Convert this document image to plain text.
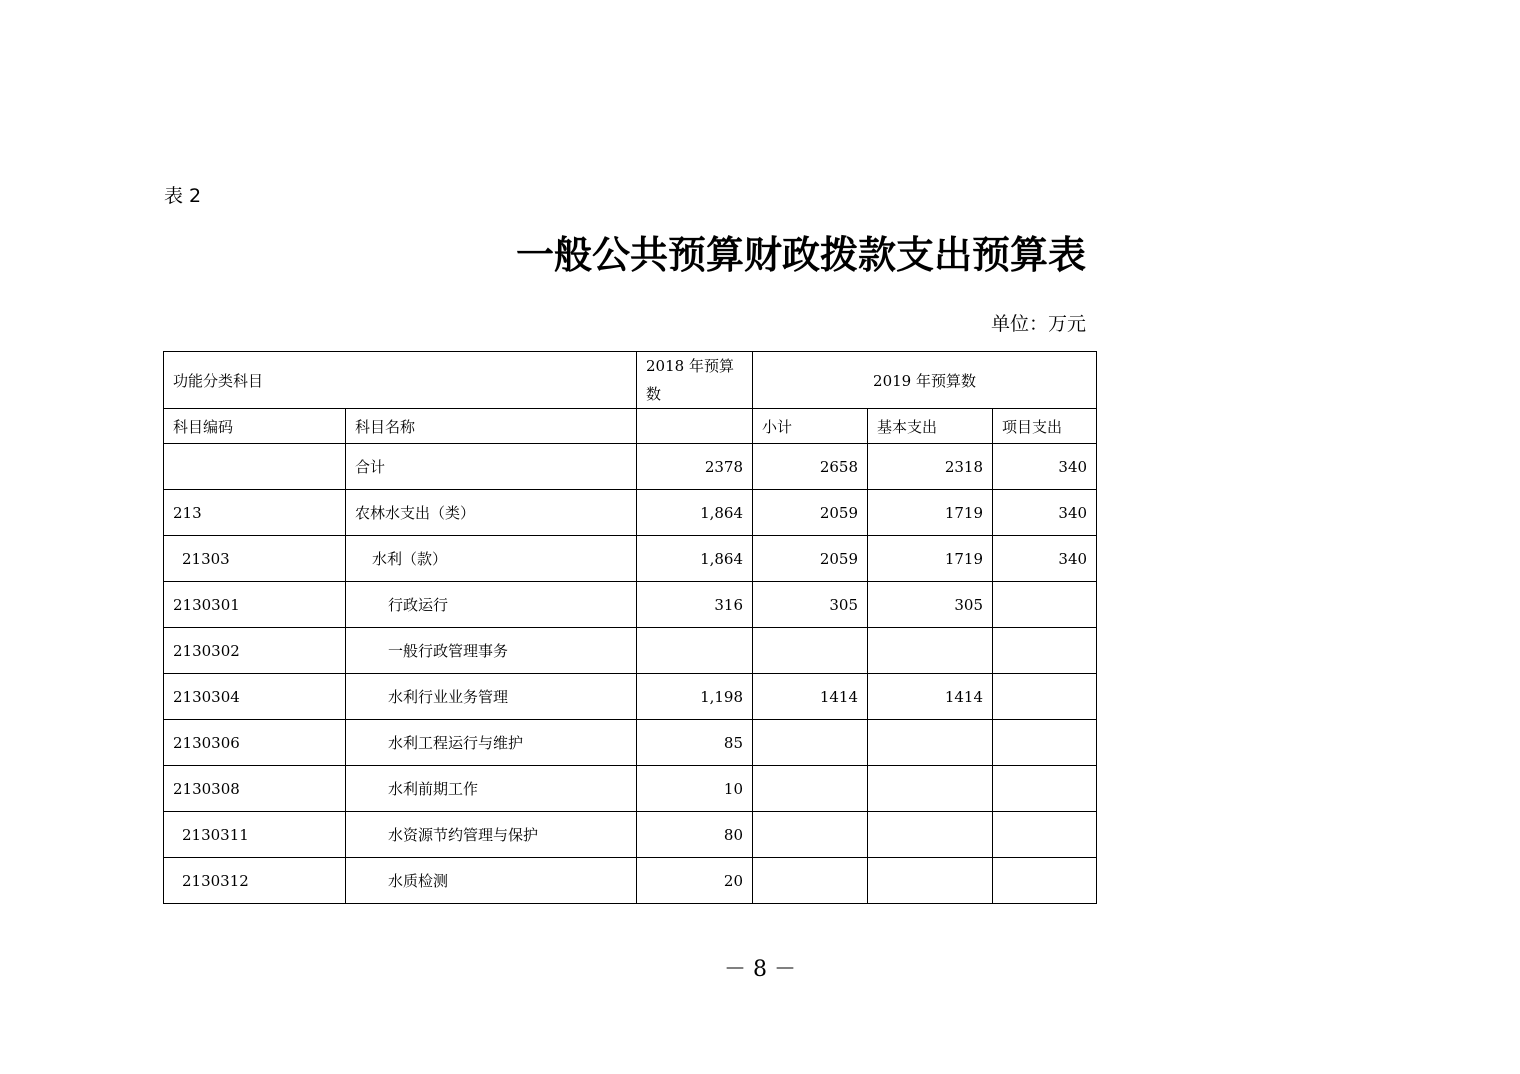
表 2
一般公共预算财政拨款支出预算表
单位：万元
功能分类科目		2018 年预算数	2019 年预算数		
科目编码	科目名称		小计	基本支出	项目支出
	合计	2378	2658	2318	340
213	农林水支出（类）	1,864	2059	1719	340
21303	水利（款）	1,864	2059	1719	340
2130301	行政运行	316	305	305	
2130302	一般行政管理事务				
2130304	水利行业业务管理	1,198	1414	1414	
2130306	水利工程运行与维护	85			
2130308	水利前期工作	10			
2130311	水资源节约管理与保护	80			
2130312	水质检测	20			
－ 8 －
